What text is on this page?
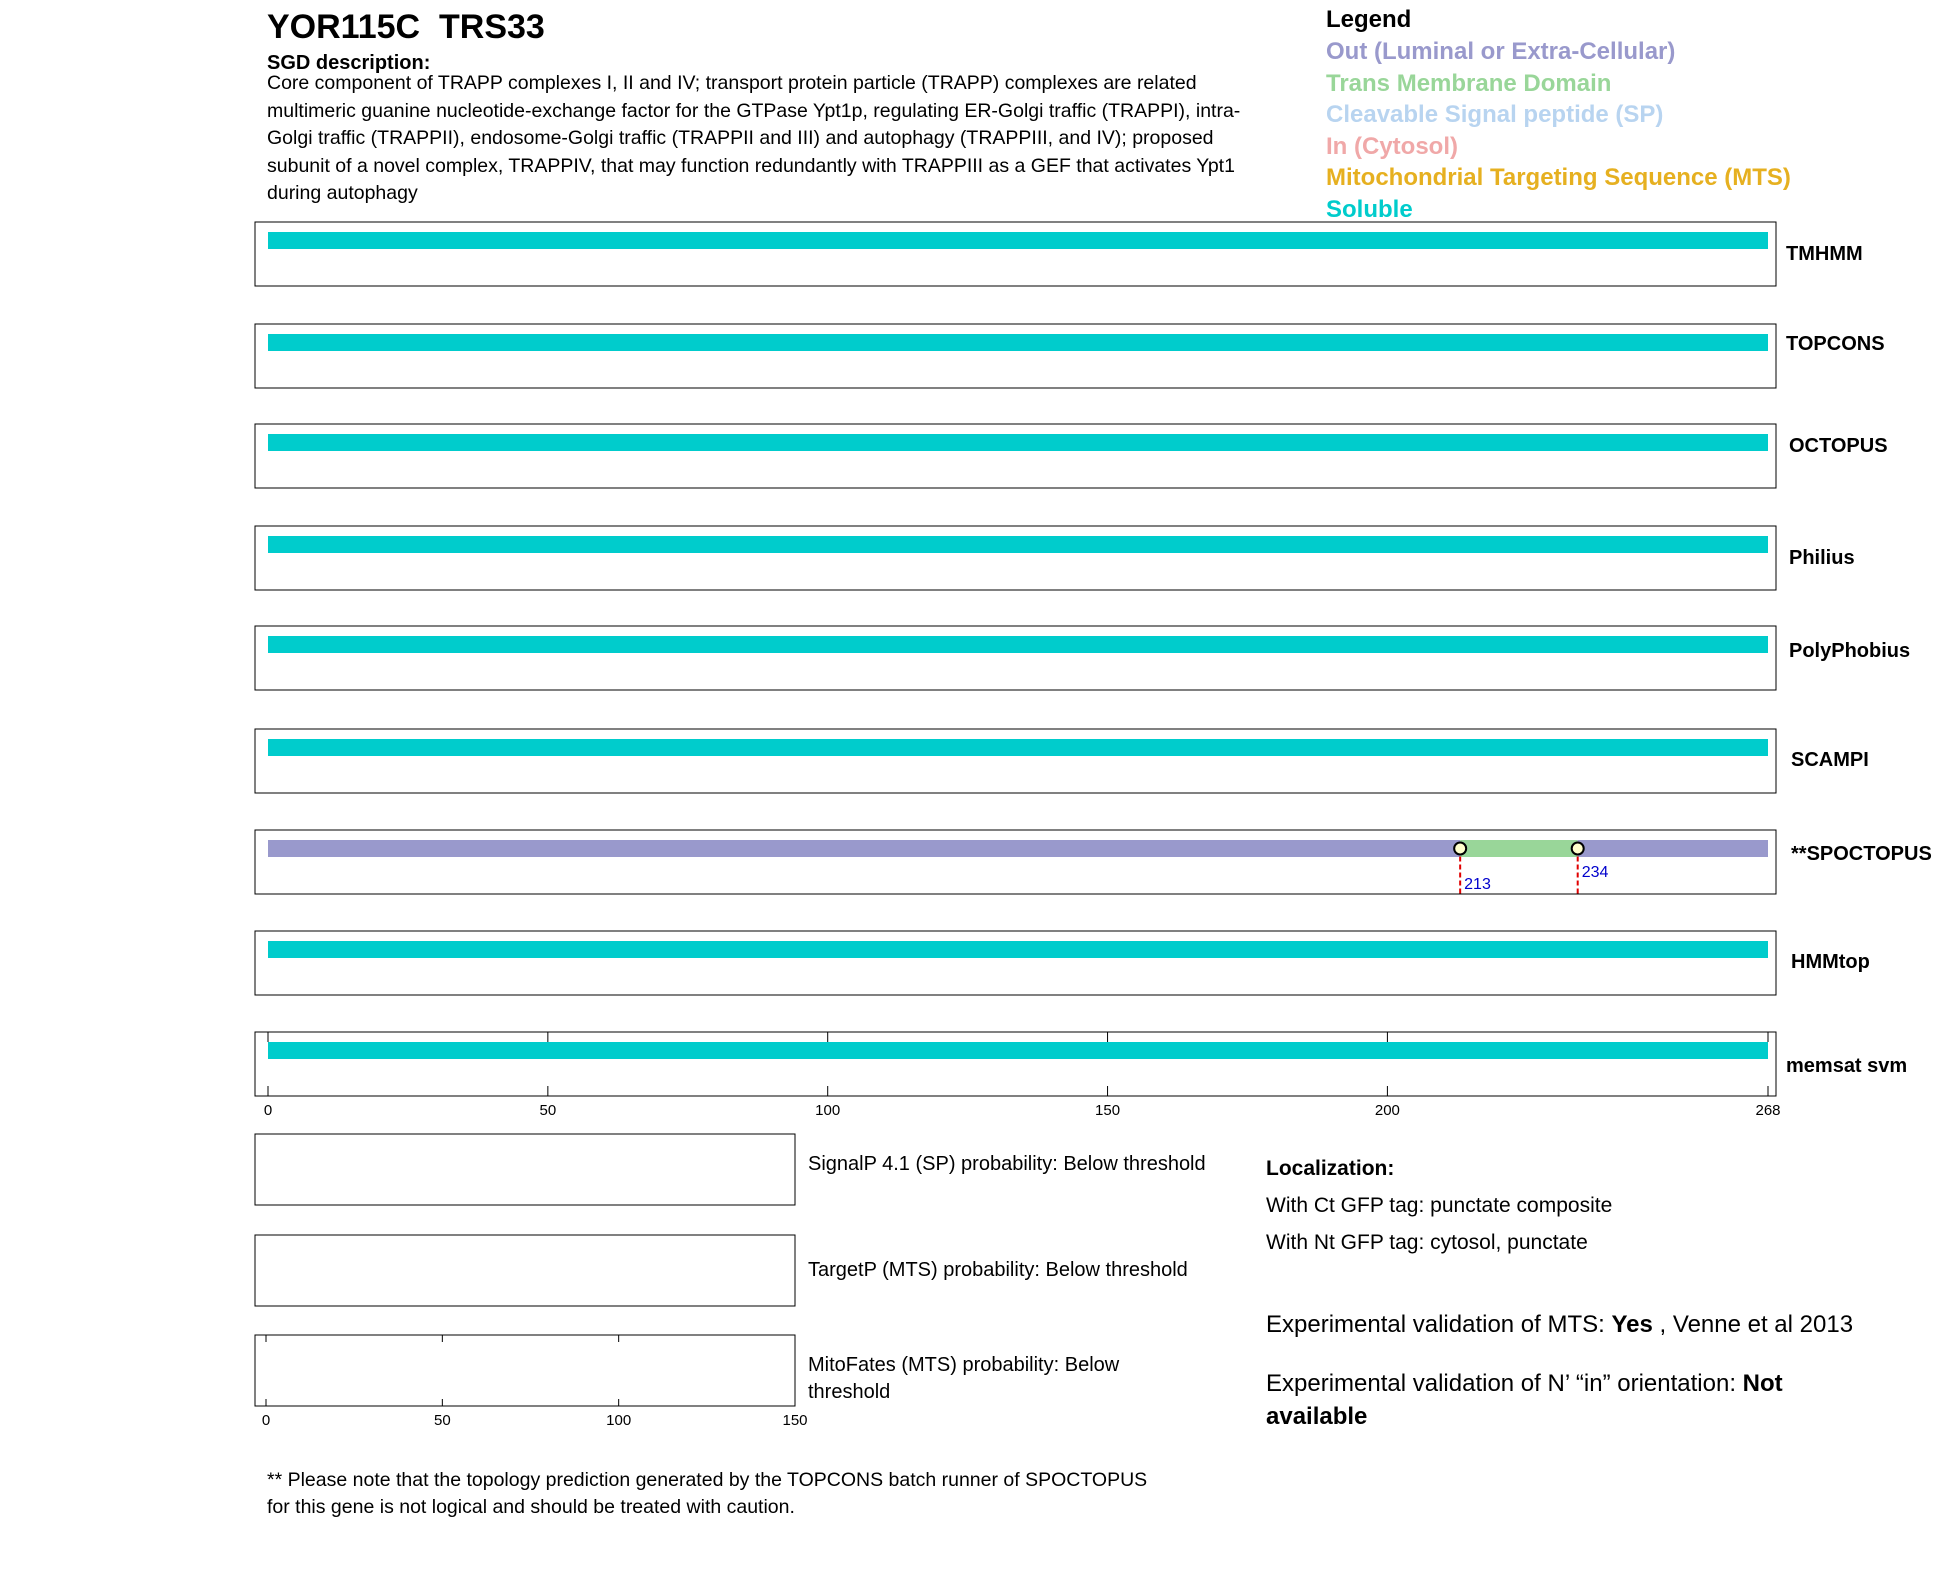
YOR115C TRS33
SGD description:
Core component of TRAPP complexes I, II and IV; transport protein particle (TRAPP) complexes are related multimeric guanine nucleotide-exchange factor for the GTPase Ypt1p, regulating ER-Golgi traffic (TRAPPI), intra-Golgi traffic (TRAPPII), endosome-Golgi traffic (TRAPPII and III) and autophagy (TRAPPIII, and IV); proposed subunit of a novel complex, TRAPPIV, that may function redundantly with TRAPPIII as a GEF that activates Ypt1 during autophagy
Legend
Out (Luminal or Extra-Cellular)
Trans Membrane Domain
Cleavable Signal peptide (SP)
In (Cytosol)
Mitochondrial Targeting Sequence (MTS)
Soluble
TMHMM
TOPCONS
OCTOPUS
Philius
PolyPhobius
SCAMPI
213
234
**SPOCTOPUS
HMMtop
memsat svm
0	50	100	150	200	268
0	50	100	150
SignalP 4.1 (SP) probability: Below threshold
TargetP (MTS) probability: Below threshold
MitoFates (MTS) probability: Below threshold
Localization:
With Ct GFP tag: punctate composite
With Nt GFP tag: cytosol, punctate
Experimental validation of MTS: Yes , Venne et al 2013
Experimental validation of N’ “in” orientation: Not available
** Please note that the topology prediction generated by the TOPCONS batch runner of SPOCTOPUS for this gene is not logical and should be treated with caution.
